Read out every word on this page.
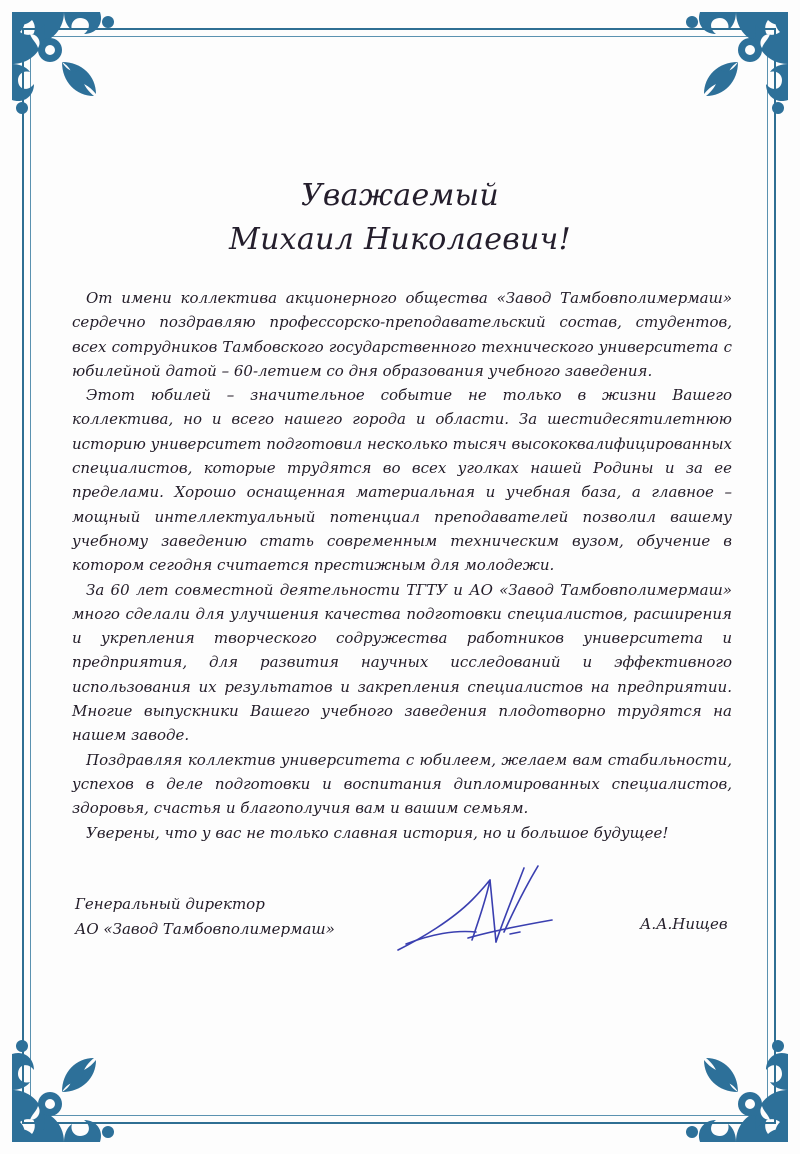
Уважаемый
Михаил Николаевич!

От имени коллектива акционерного общества «Завод Тамбовполимермаш» сердечно поздравляю профессорско-преподавательский состав, студентов, всех сотрудников Тамбовского государственного технического университета с юбилейной датой – 60-летием со дня образования учебного заведения.

Этот юбилей – значительное событие не только в жизни Вашего коллектива, но и всего нашего города и области. За шестидесятилетнюю историю университет подготовил несколько тысяч высококвалифицированных специалистов, которые трудятся во всех уголках нашей Родины и за ее пределами. Хорошо оснащенная материальная и учебная база, а главное – мощный интеллектуальный потенциал преподавателей позволил вашему учебному заведению стать современным техническим вузом, обучение в котором сегодня считается престижным для молодежи.

За 60 лет совместной деятельности ТГТУ и АО «Завод Тамбовполимермаш» много сделали для улучшения качества подготовки специалистов, расширения и укрепления творческого содружества работников университета и предприятия, для развития научных исследований и эффективного использования их результатов и закрепления специалистов на предприятии. Многие выпускники Вашего учебного заведения плодотворно трудятся на нашем заводе.

Поздравляя коллектив университета с юбилеем, желаем вам стабильности, успехов в деле подготовки и воспитания дипломированных специалистов, здоровья, счастья и благополучия вам и вашим семьям.

Уверены, что у вас не только славная история, но и большое будущее!

Генеральный директор
АО «Завод Тамбовполимермаш»	А.А.Нищев
